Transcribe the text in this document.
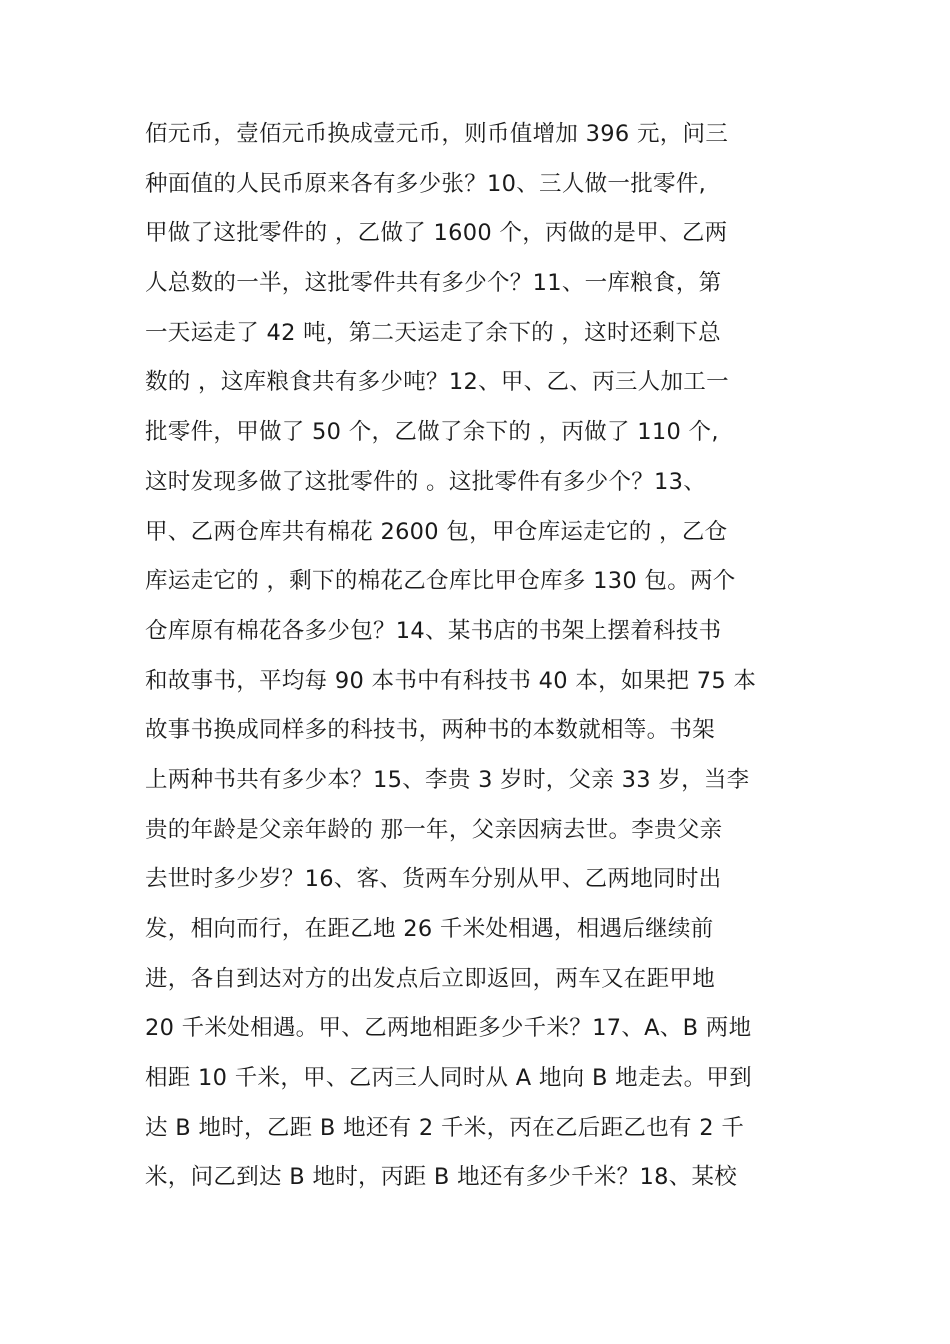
佰元币，壹佰元币换成壹元币，则币值增加 396 元，问三
种面值的人民币原来各有多少张？10、三人做一批零件,
甲做了这批零件的 ，乙做了 1600 个，丙做的是甲、乙两
人总数的一半，这批零件共有多少个？11、一库粮食，第
一天运走了 42 吨，第二天运走了余下的 ，这时还剩下总
数的 ，这库粮食共有多少吨？12、甲、乙、丙三人加工一
批零件，甲做了 50 个，乙做了余下的 ，丙做了 110 个,
这时发现多做了这批零件的 。这批零件有多少个？13、
甲、乙两仓库共有棉花 2600 包，甲仓库运走它的 ，乙仓
库运走它的 ，剩下的棉花乙仓库比甲仓库多 130 包。两个
仓库原有棉花各多少包？14、某书店的书架上摆着科技书
和故事书，平均每 90 本书中有科技书 40 本，如果把 75 本
故事书换成同样多的科技书，两种书的本数就相等。书架
上两种书共有多少本？15、李贵 3 岁时，父亲 33 岁，当李
贵的年龄是父亲年龄的 那一年，父亲因病去世。李贵父亲
去世时多少岁？16、客、货两车分别从甲、乙两地同时出
发，相向而行，在距乙地 26 千米处相遇，相遇后继续前
进，各自到达对方的出发点后立即返回，两车又在距甲地
20 千米处相遇。甲、乙两地相距多少千米？17、A、B 两地
相距 10 千米，甲、乙丙三人同时从 A 地向 B 地走去。甲到
达 B 地时，乙距 B 地还有 2 千米，丙在乙后距乙也有 2 千
米，问乙到达 B 地时，丙距 B 地还有多少千米？18、某校
